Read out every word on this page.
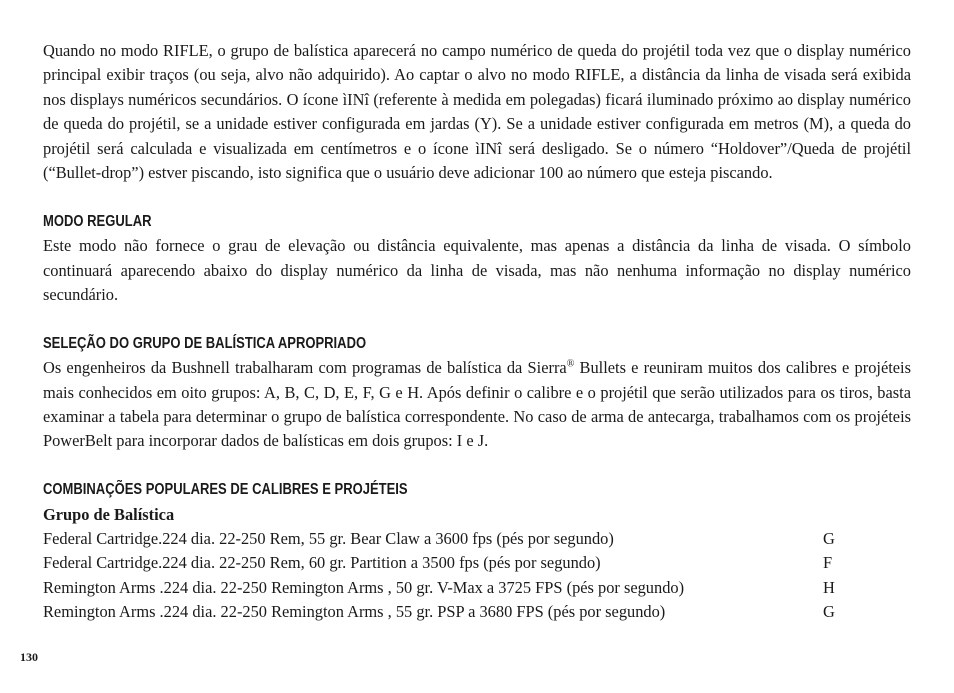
Quando no modo RIFLE, o grupo de balística aparecerá no campo numérico de queda do projétil toda vez que o display numérico principal exibir traços (ou seja, alvo não adquirido). Ao captar o alvo no modo RIFLE, a distância da linha de visada será exibida nos displays numéricos secundários. O ícone ìINî (referente à medida em polegadas) ficará iluminado próximo ao display numérico de queda do projétil, se a unidade estiver configurada em jardas (Y). Se a unidade estiver configurada em metros (M), a queda do projétil será calculada e visualizada em centímetros e o ícone ìINî será desligado. Se o número “Holdover”/Queda de projétil (“Bullet-drop”) estver piscando, isto significa que o usuário deve adicionar 100 ao número que esteja piscando.

MODO REGULAR

Este modo não fornece o grau de elevação ou distância equivalente, mas apenas a distância da linha de visada. O símbolo continuará aparecendo abaixo do display numérico da linha de visada, mas não nenhuma informação no display numérico secundário.

SELEÇÃO DO GRUPO DE BALÍSTICA APROPRIADO

Os engenheiros da Bushnell trabalharam com programas de balística da Sierra® Bullets e reuniram muitos dos calibres e projéteis mais conhecidos em oito grupos: A, B, C, D, E, F, G e H. Após definir o calibre e o projétil que serão utilizados para os tiros, basta examinar a tabela para determinar o grupo de balística correspondente. No caso de arma de antecarga, trabalhamos com os projéteis PowerBelt para incorporar dados de balísticas em dois grupos: I e J.

COMBINAÇÕES POPULARES DE CALIBRES E PROJÉTEIS

Grupo de Balística

Federal Cartridge.224 dia. 22-250 Rem, 55 gr. Bear Claw a 3600 fps (pés por segundo)	G
Federal Cartridge.224 dia. 22-250 Rem, 60 gr. Partition a 3500 fps (pés por segundo)	F
Remington Arms .224 dia. 22-250 Remington Arms , 50 gr. V-Max a 3725 FPS (pés por segundo)	H
Remington Arms .224 dia. 22-250 Remington Arms , 55 gr. PSP a 3680 FPS (pés por segundo)	G
130
